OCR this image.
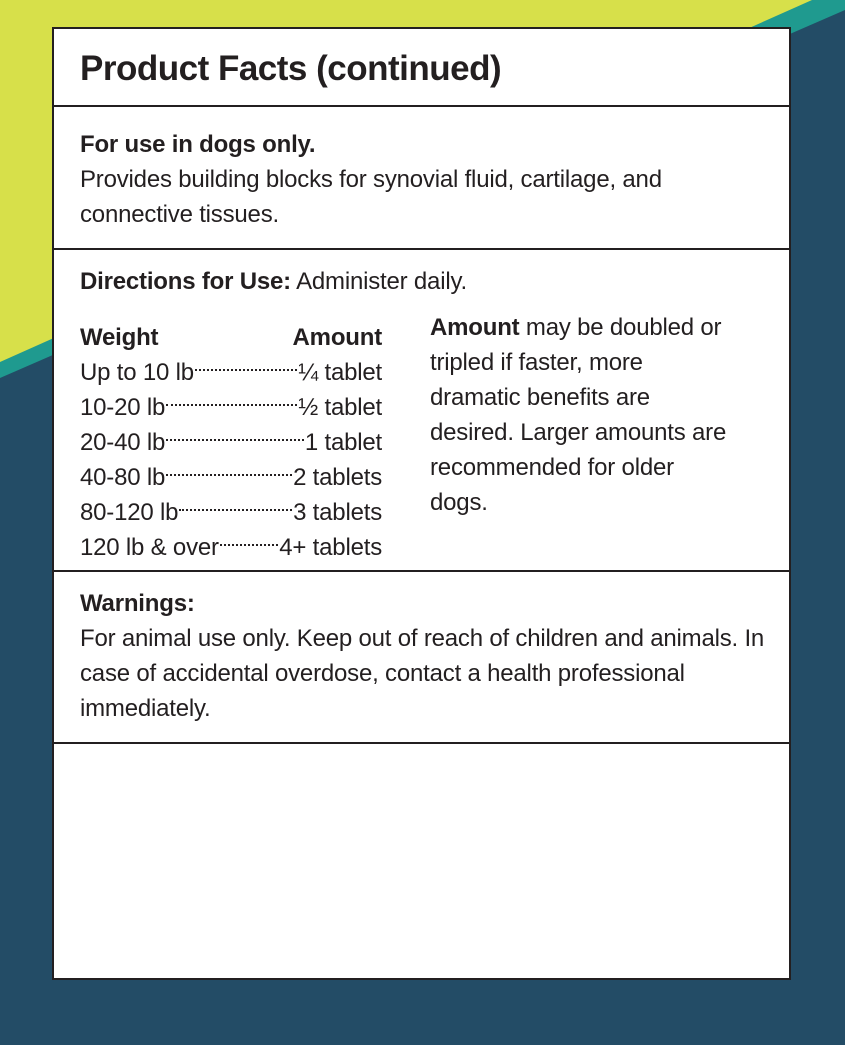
Product Facts (continued)
For use in dogs only.
Provides building blocks for synovial fluid, cartilage, and connective tissues.
Directions for Use: Administer daily.
Weight	Amount
Up to 10 lb	¼ tablet
10-20 lb	½ tablet
20-40 lb	1 tablet
40-80 lb	2 tablets
80-120 lb	3 tablets
120 lb & over	4+ tablets
Amount may be doubled or tripled if faster, more dramatic benefits are desired. Larger amounts are recommended for older dogs.
Warnings:
For animal use only. Keep out of reach of children and animals. In case of accidental overdose, contact a health professional immediately.
